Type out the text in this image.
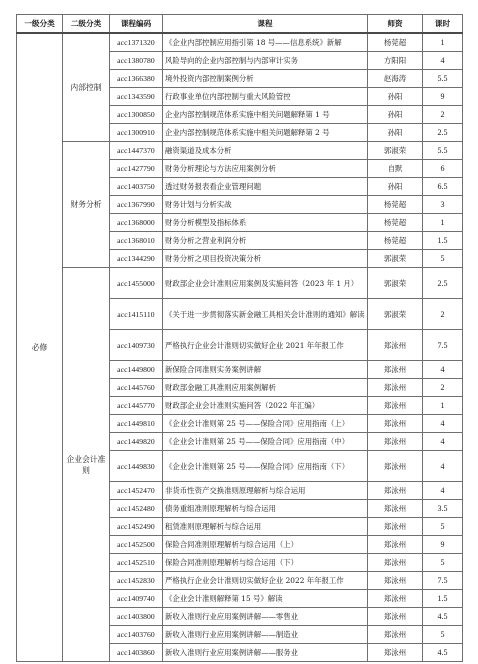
一级分类	二级分类	课程编码	课程	师资	课时
必修	内部控制	acc1371320	《企业内部控制应用指引第 18 号——信息系统》新解	杨莞超	1
		acc1380780	风险导向的企业内部控制与内部审计实务	方阳阳	4
		acc1366380	境外投资内部控制案例分析	赵海涛	5.5
		acc1343590	行政事业单位内部控制与重大风险管控	孙阳	9
		acc1300850	企业内部控制规范体系实施中相关问题解释第 1 号	孙阳	2
		acc1300910	企业内部控制规范体系实施中相关问题解释第 2 号	孙阳	2.5
	财务分析	acc1447370	融资渠道及成本分析	郭淑荣	5.5
		acc1427790	财务分析理论与方法应用案例分析	自默	6
		acc1403750	透过财务报表看企业管理问题	孙阳	6.5
		acc1367990	财务计划与分析实战	杨莞超	3
		acc1368000	财务分析模型及指标体系	杨莞超	1
		acc1368010	财务分析之营业利润分析	杨莞超	1.5
		acc1344290	财务分析之项目投资决策分析	郭淑荣	5
	企业会计准则	acc1455000	财政部企业会计准则应用案例及实施问答（2023 年 1 月）	郭淑荣	2.5
		acc1415110	《关于进一步贯彻落实新金融工具相关会计准则的通知》解读	郭淑荣	2
		acc1409730	严格执行企业会计准则切实做好企业 2021 年年报工作	郑泳州	7.5
		acc1449800	新保险合同准则实务案例讲解	郑泳州	4
		acc1445760	财政部金融工具准则应用案例解析	郑泳州	2
		acc1445770	财政部企业会计准则实施问答（2022 年汇编）	郑泳州	1
		acc1449810	《企业会计准则第 25 号——保险合同》应用指南（上）	郑泳州	4
		acc1449820	《企业会计准则第 25 号——保险合同》应用指南（中）	郑泳州	4
		acc1449830	《企业会计准则第 25 号——保险合同》应用指南（下）	郑泳州	4
		acc1452470	非货币性资产交换准则原理解析与综合运用	郑泳州	4
		acc1452480	债务重组准则原理解析与综合运用	郑泳州	3.5
		acc1452490	租赁准则原理解析与综合运用	郑泳州	5
		acc1452500	保险合同准则原理解析与综合运用（上）	郑泳州	9
		acc1452510	保险合同准则原理解析与综合运用（下）	郑泳州	5
		acc1452830	严格执行企业会计准则切实做好企业 2022 年年报工作	郑泳州	7.5
		acc1409740	《企业会计准则解释第 15 号》解读	郑泳州	1.5
		acc1403800	新收入准则行业应用案例讲解——零售业	郑泳州	4.5
		acc1403760	新收入准则行业应用案例讲解——制造业	郑泳州	5
		acc1403860	新收入准则行业应用案例讲解——服务业	郑泳州	4.5
